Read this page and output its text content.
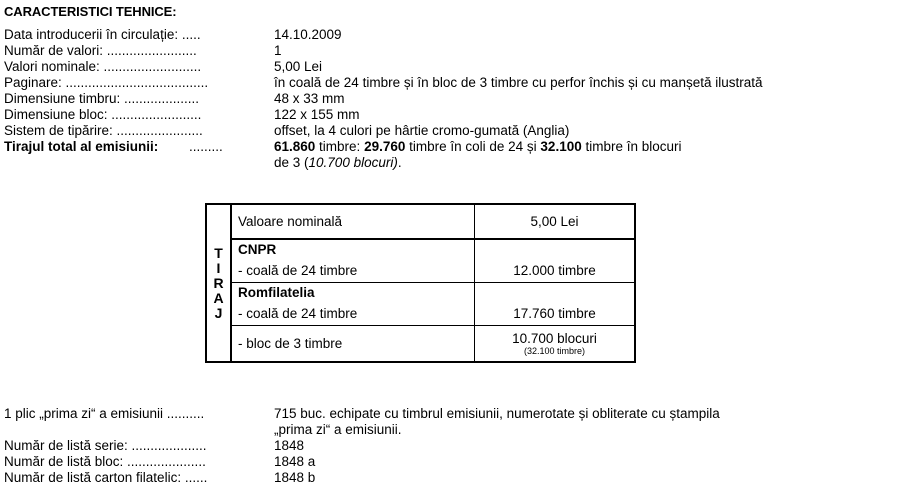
CARACTERISTICI TEHNICE:
Data introducerii în circulație: .....	14.10.2009
Număr de valori: ........................	1
Valori nominale: ..........................	5,00 Lei
Paginare: ......................................	în coală de 24 timbre și în bloc de 3 timbre cu perfor închis și cu manșetă ilustrată
Dimensiune timbru: ....................	48 x 33 mm
Dimensiune bloc: ........................	122 x 155 mm
Sistem de tipărire: .......................	offset, la 4 culori pe hârtie cromo-gumată (Anglia)
Tirajul total al emisiunii: .........	61.860 timbre: 29.760 timbre în coli de 24 și 32.100 timbre în blocuri
de 3 (10.700 blocuri).
T
I
R
A
J	Valoare nominală	5,00 Lei
	CNPR	
	- coală de 24 timbre	12.000 timbre
	Romfilatelia	
	- coală de 24 timbre	17.760 timbre
	- bloc de 3 timbre	10.700 blocuri
(32.100 timbre)
1 plic „prima zi“ a emisiunii ..........	715 buc. echipate cu timbrul emisiunii, numerotate și obliterate cu ștampila
„prima zi“ a emisiunii.
Număr de listă serie: ....................	1848
Număr de listă bloc: .....................	1848 a
Număr de listă carton filatelic: ......	1848 b
